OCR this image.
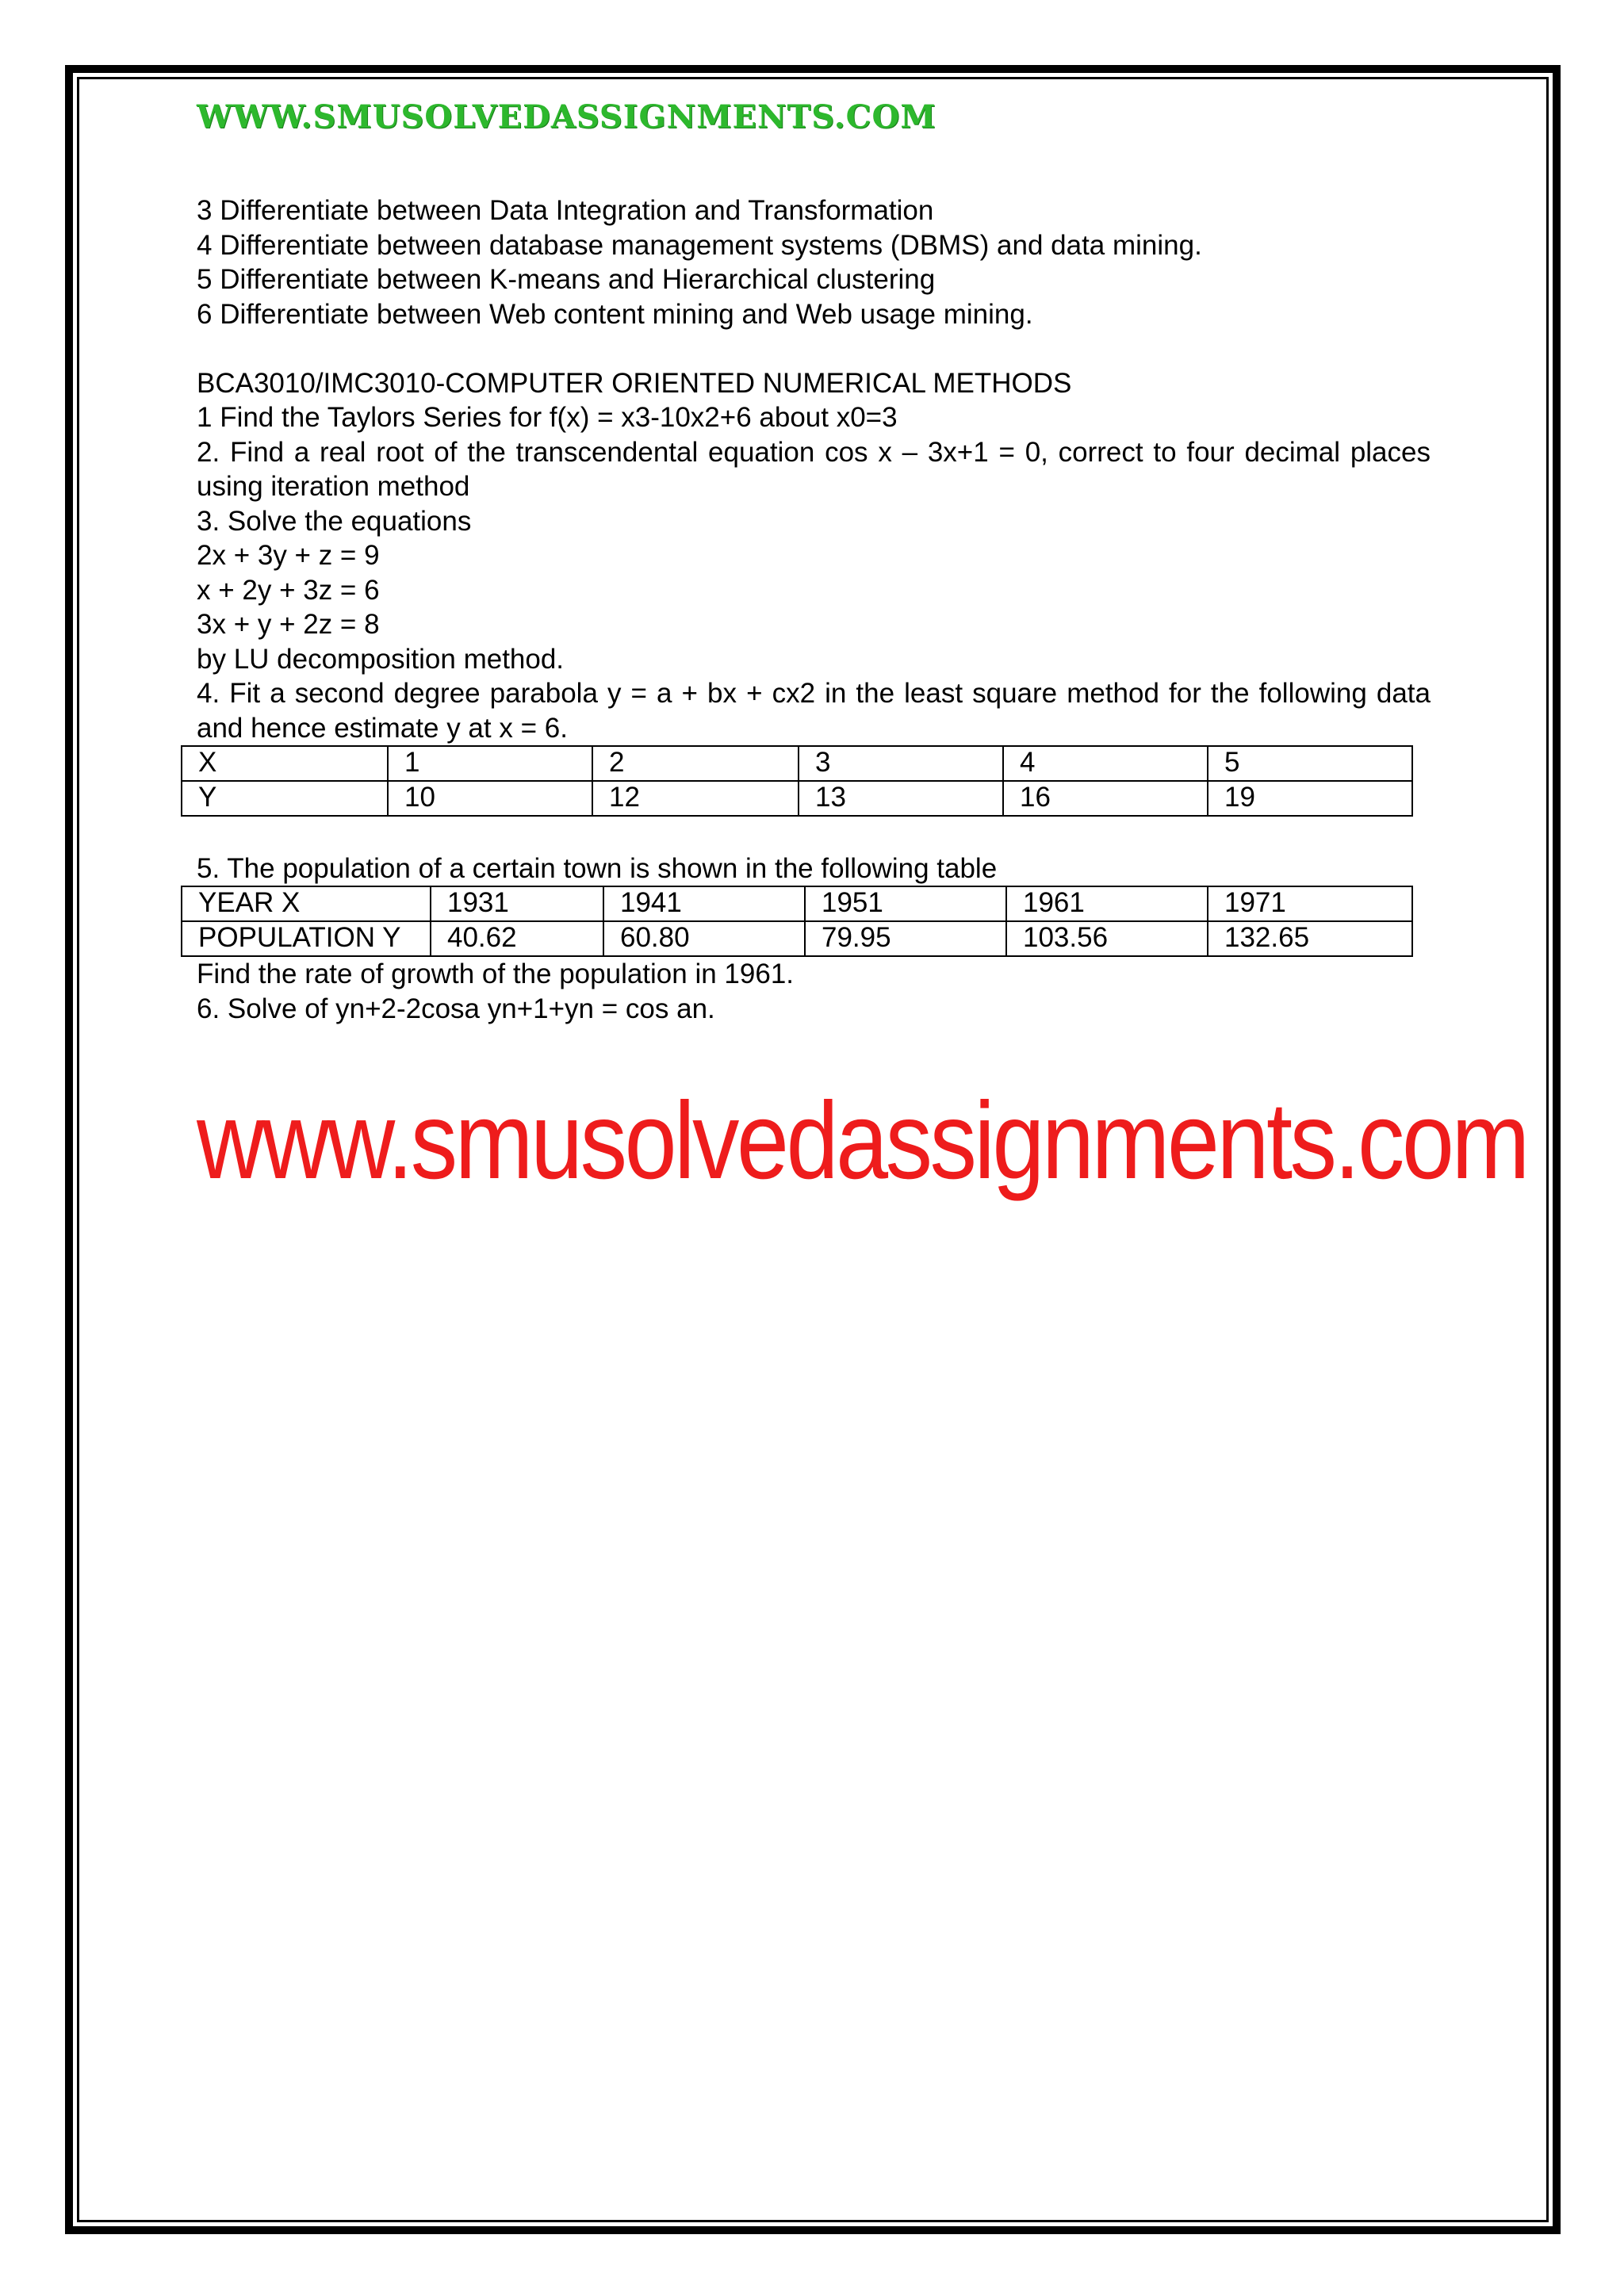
WWW.SMUSOLVEDASSIGNMENTS.COM
3 Differentiate between Data Integration and Transformation
4 Differentiate between database management systems (DBMS) and data mining.
5 Differentiate between K-means and Hierarchical clustering
6 Differentiate between Web content mining and Web usage mining.
BCA3010/IMC3010-COMPUTER ORIENTED NUMERICAL METHODS
1 Find the Taylors Series for f(x) = x3-10x2+6 about x0=3
2. Find a real root of the transcendental equation cos x – 3x+1 = 0, correct to four decimal places using iteration method
3. Solve the equations
2x + 3y + z = 9
x + 2y + 3z = 6
3x + y + 2z = 8
by LU decomposition method.
4. Fit a second degree parabola y = a + bx + cx2 in the least square method for the following data and hence estimate y at x = 6.
X	1	2	3	4	5
Y	10	12	13	16	19
5. The population of a certain town is shown in the following table
YEAR X	1931	1941	1951	1961	1971
POPULATION Y	40.62	60.80	79.95	103.56	132.65
Find the rate of growth of the population in 1961.
6. Solve of yn+2-2cosa yn+1+yn = cos an.
www.smusolvedassignments.com
